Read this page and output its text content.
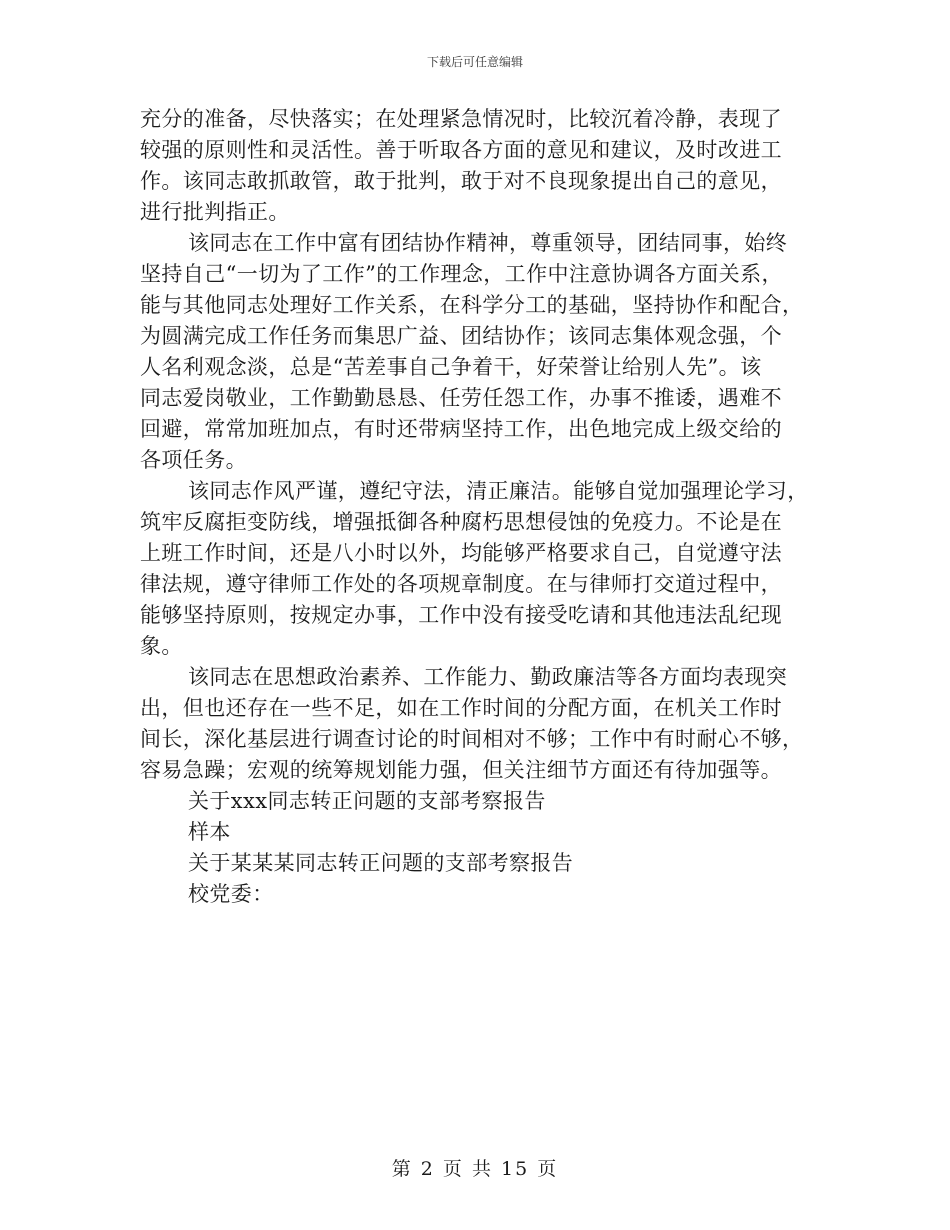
下载后可任意编辑
充分的准备，尽快落实；在处理紧急情况时，比较沉着冷静，表现了
较强的原则性和灵活性。善于听取各方面的意见和建议，及时改进工
作。该同志敢抓敢管，敢于批判，敢于对不良现象提出自己的意见，
进行批判指正。
该同志在工作中富有团结协作精神，尊重领导，团结同事，始终
坚持自己“一切为了工作”的工作理念，工作中注意协调各方面关系，
能与其他同志处理好工作关系，在科学分工的基础，坚持协作和配合，
为圆满完成工作任务而集思广益、团结协作；该同志集体观念强，个
人名利观念淡，总是“苦差事自己争着干，好荣誉让给别人先”。该
同志爱岗敬业，工作勤勤恳恳、任劳任怨工作，办事不推诿，遇难不
回避，常常加班加点，有时还带病坚持工作，出色地完成上级交给的
各项任务。
该同志作风严谨，遵纪守法，清正廉洁。能够自觉加强理论学习，
筑牢反腐拒变防线，增强抵御各种腐朽思想侵蚀的免疫力。不论是在
上班工作时间，还是八小时以外，均能够严格要求自己，自觉遵守法
律法规，遵守律师工作处的各项规章制度。在与律师打交道过程中，
能够坚持原则，按规定办事，工作中没有接受吃请和其他违法乱纪现
象。
该同志在思想政治素养、工作能力、勤政廉洁等各方面均表现突
出，但也还存在一些不足，如在工作时间的分配方面，在机关工作时
间长，深化基层进行调查讨论的时间相对不够；工作中有时耐心不够，
容易急躁；宏观的统筹规划能力强，但关注细节方面还有待加强等。
关于xxx同志转正问题的支部考察报告
样本
关于某某某同志转正问题的支部考察报告
校党委：
第 2 页 共 15 页
